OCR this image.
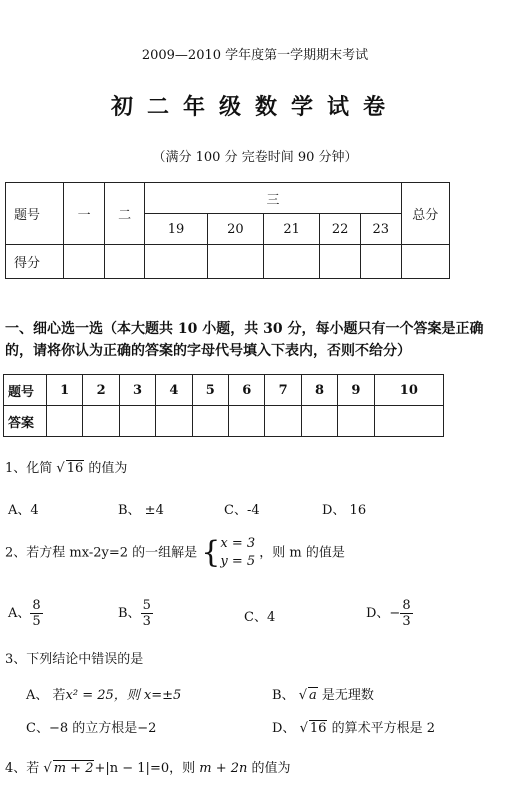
2009—2010 学年度第一学期期末考试
初二年级数学试卷
（满分 100 分 完卷时间 90 分钟）
题号	一	二	三					总分
			19	20	21	22	23	
得分								
一、细心选一选（本大题共 10 小题，共 30 分，每小题只有一个答案是正确的，请将你认为正确的答案的字母代号填入下表内，否则不给分）
题号	1	2	3	4	5	6	7	8	9	10
答案										
1、化简 √ 16 的值为
A、4	B、 ±4	C、-4	D、 16
2、若方程 mx-2y=2 的一组解是 { x = 3
y = 5
，则 m 的值是
A、 $\frac{8}{5}$	B、 $\frac{5}{3}$	C、4	D、− $\frac{8}{3}$
3、下列结论中错误的是
A、 若x² = 25，则 x=±5	B、 √ a 是无理数
C、−8 的立方根是−2	D、 √ 16 的算术平方根是 2
4、若 √ m + 2+|n − 1|=0，则 m + 2n 的值为
